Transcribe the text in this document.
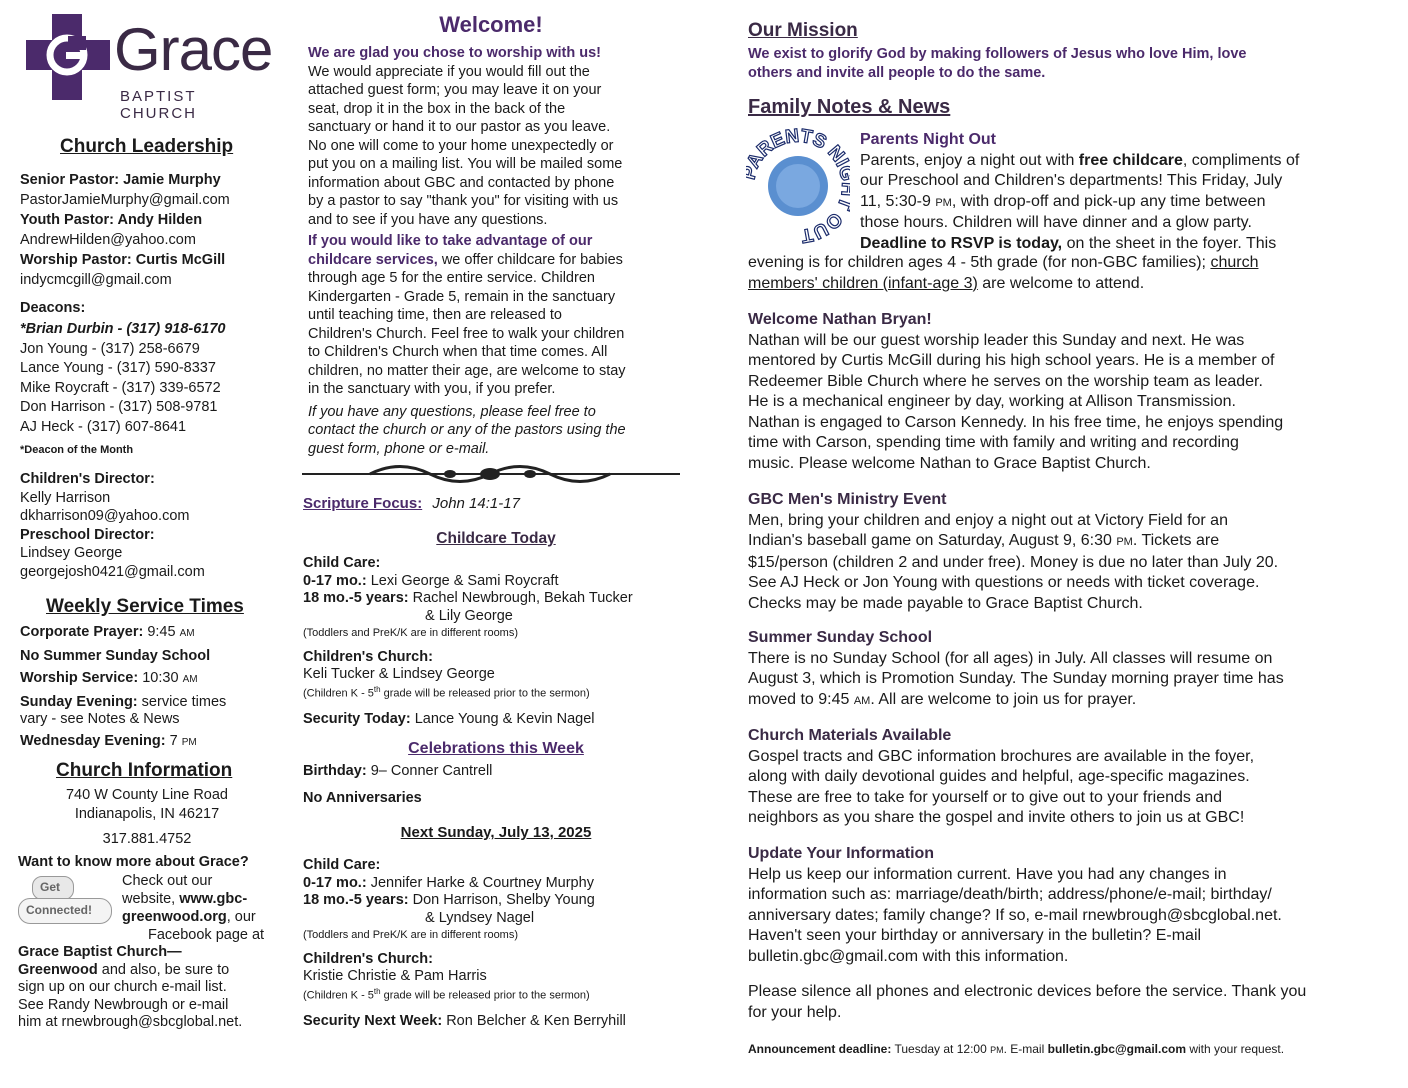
Grace
BAPTIST CHURCH
Church Leadership
Senior Pastor: Jamie Murphy
PastorJamieMurphy@gmail.com
Youth Pastor: Andy Hilden
AndrewHilden@yahoo.com
Worship Pastor: Curtis McGill
indycmcgill@gmail.com
Deacons:
*Brian Durbin - (317) 918-6170
Jon Young - (317) 258-6679
Lance Young - (317) 590-8337
Mike Roycraft - (317) 339-6572
Don Harrison - (317) 508-9781
AJ Heck - (317) 607-8641
*Deacon of the Month
Children's Director:
Kelly Harrison
dkharrison09@yahoo.com
Preschool Director:
Lindsey George
georgejosh0421@gmail.com
Weekly Service Times
Corporate Prayer: 9:45 AM
No Summer Sunday School
Worship Service: 10:30 AM
Sunday Evening: service times
vary - see Notes & News
Wednesday Evening: 7 PM
Church Information
740 W County Line Road
Indianapolis, IN 46217
317.881.4752
Want to know more about Grace?
Get
Connected!
Check out our
website, www.gbc-
greenwood.org, our
Facebook page at
Grace Baptist Church—
Greenwood and also, be sure to
sign up on our church e-mail list.
See Randy Newbrough or e-mail
him at rnewbrough@sbcglobal.net.
Welcome!
We are glad you chose to worship with us!
We would appreciate if you would fill out the
attached guest form; you may leave it on your
seat, drop it in the box in the back of the
sanctuary or hand it to our pastor as you leave.
No one will come to your home unexpectedly or
put you on a mailing list. You will be mailed some
information about GBC and contacted by phone
by a pastor to say "thank you" for visiting with us
and to see if you have any questions.
If you would like to take advantage of our
childcare services, we offer childcare for babies
through age 5 for the entire service. Children
Kindergarten - Grade 5, remain in the sanctuary
until teaching time, then are released to
Children's Church. Feel free to walk your children
to Children's Church when that time comes. All
children, no matter their age, are welcome to stay
in the sanctuary with you, if you prefer.
If you have any questions, please feel free to
contact the church or any of the pastors using the
guest form, phone or e-mail.
Scripture Focus: John 14:1-17
Childcare Today
Child Care:
0-17 mo.: Lexi George & Sami Roycraft
18 mo.-5 years: Rachel Newbrough, Bekah Tucker
& Lily George
(Toddlers and PreK/K are in different rooms)
Children's Church:
Keli Tucker & Lindsey George
(Children K - 5th grade will be released prior to the sermon)
Security Today: Lance Young & Kevin Nagel
Celebrations this Week
Birthday: 9– Conner Cantrell
No Anniversaries
Next Sunday, July 13, 2025
Child Care:
0-17 mo.: Jennifer Harke & Courtney Murphy
18 mo.-5 years: Don Harrison, Shelby Young
& Lyndsey Nagel
(Toddlers and PreK/K are in different rooms)
Children's Church:
Kristie Christie & Pam Harris
(Children K - 5th grade will be released prior to the sermon)
Security Next Week: Ron Belcher & Ken Berryhill
Our Mission
We exist to glorify God by making followers of Jesus who love Him, love
others and invite all people to do the same.
Family Notes & News
RENTS N OUT
Parents Night Out
Parents, enjoy a night out with free childcare, compliments of
our Preschool and Children's departments! This Friday, July
11, 5:30-9 PM, with drop-off and pick-up any time between
those hours. Children will have dinner and a glow party.
Deadline to RSVP is today, on the sheet in the foyer. This
evening is for children ages 4 - 5th grade (for non-GBC families); church
members' children (infant-age 3) are welcome to attend.
Welcome Nathan Bryan!
Nathan will be our guest worship leader this Sunday and next. He was
mentored by Curtis McGill during his high school years. He is a member of
Redeemer Bible Church where he serves on the worship team as leader.
He is a mechanical engineer by day, working at Allison Transmission.
Nathan is engaged to Carson Kennedy. In his free time, he enjoys spending
time with Carson, spending time with family and writing and recording
music. Please welcome Nathan to Grace Baptist Church.
GBC Men's Ministry Event
Men, bring your children and enjoy a night out at Victory Field for an
Indian's baseball game on Saturday, August 9, 6:30 PM. Tickets are
$15/person (children 2 and under free). Money is due no later than July 20.
See AJ Heck or Jon Young with questions or needs with ticket coverage.
Checks may be made payable to Grace Baptist Church.
Summer Sunday School
There is no Sunday School (for all ages) in July. All classes will resume on
August 3, which is Promotion Sunday. The Sunday morning prayer time has
moved to 9:45 AM. All are welcome to join us for prayer.
Church Materials Available
Gospel tracts and GBC information brochures are available in the foyer,
along with daily devotional guides and helpful, age-specific magazines.
These are free to take for yourself or to give out to your friends and
neighbors as you share the gospel and invite others to join us at GBC!
Update Your Information
Help us keep our information current. Have you had any changes in
information such as: marriage/death/birth; address/phone/e-mail; birthday/
anniversary dates; family change? If so, e-mail rnewbrough@sbcglobal.net.
Haven't seen your birthday or anniversary in the bulletin? E-mail
bulletin.gbc@gmail.com with this information.
Please silence all phones and electronic devices before the service. Thank you
for your help.
Announcement deadline: Tuesday at 12:00 PM. E-mail bulletin.gbc@gmail.com with your request.
